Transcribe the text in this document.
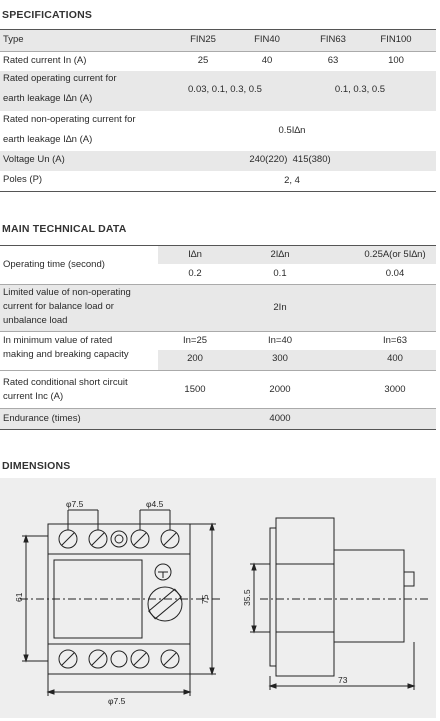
SPECIFICATIONS
Type	FIN25	FIN40	FIN63	FIN100
Rated current In (A)	25	40	63	100
Rated operating current for
earth leakage I∆n (A)
0.03, 0.1, 0.3, 0.5	0.1, 0.3, 0.5
Rated non-operating current for
earth leakage I∆n (A)
0.5I∆n
Voltage Un (A)	240(220)  415(380)
Poles (P)	2, 4
MAIN TECHNICAL DATA
Operating time (second)
I∆n	2I∆n	0.25A(or 5I∆n)
0.2	0.1	0.04
Limited value of non-operating
current for balance load or
unbalance load
2In
In minimum value of rated
making and breaking capacity
In=25	In=40	In=63
200	300	400
Rated conditional short circuit
current Inc (A)
1500	2000	3000
Endurance (times)	4000
DIMENSIONS
φ7.5	φ4.5
φ7.5
61	75	35.5
73
